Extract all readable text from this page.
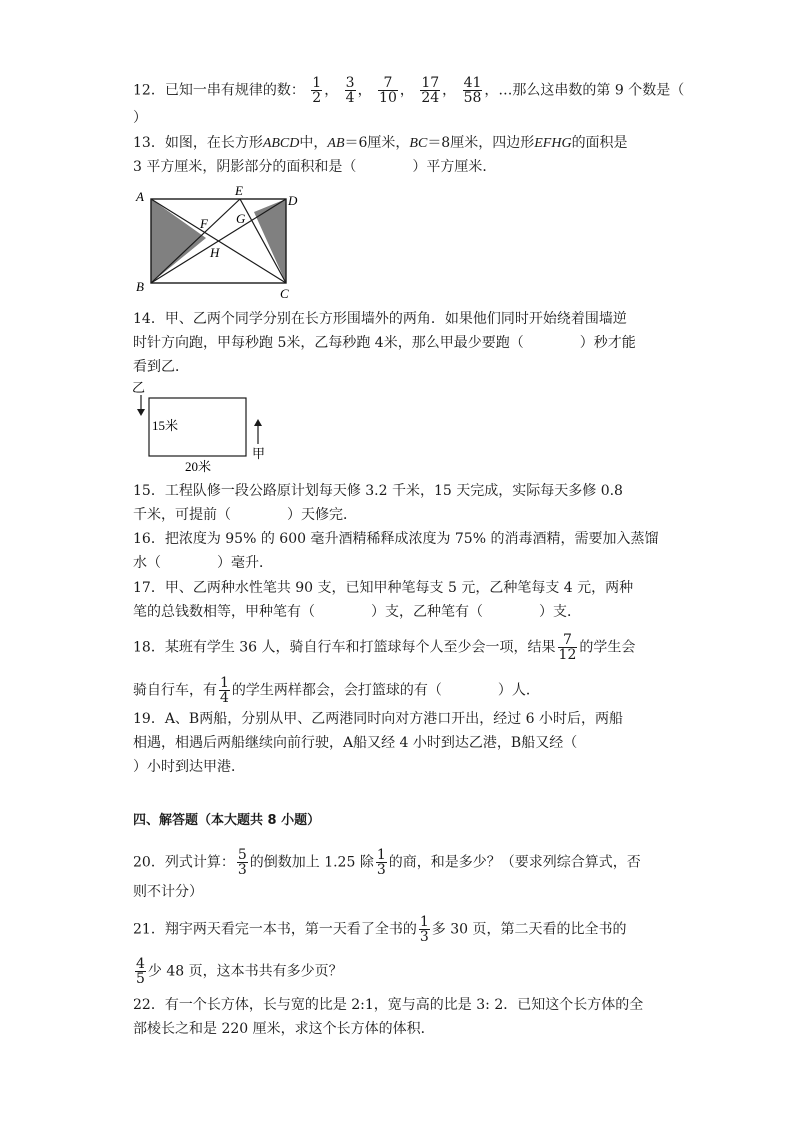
12．已知一串有规律的数： $\frac{1}{2}$ ， $\frac{3}{4}$ ， $\frac{7}{10}$ ， $\frac{17}{24}$ ， $\frac{41}{58}$ ，…那么这串数的第 9 个数是（
）
13．如图，在长方形ABCD中，AB＝6厘米，BC＝8厘米，四边形EFHG的面积是
3 平方厘米，阴影部分的面积和是（　　　　）平方厘米．
A
B	C
D
E
F G
H
14．甲、乙两个同学分别在长方形围墙外的两角．如果他们同时开始绕着围墙逆
时针方向跑，甲每秒跑 5米，乙每秒跑 4米，那么甲最少要跑（　　　　）秒才能
看到乙．
乙
15米
甲
20米
15．工程队修一段公路原计划每天修 3.2 千米，15 天完成，实际每天多修 0.8
千米，可提前（　　　　）天修完．
16．把浓度为 95% 的 600 毫升酒精稀释成浓度为 75% 的消毒酒精，需要加入蒸馏
水（　　　　）毫升．
17．甲、乙两种水性笔共 90 支，已知甲种笔每支 5 元，乙种笔每支 4 元，两种
笔的总钱数相等，甲种笔有（　　　　）支，乙种笔有（　　　　）支．
18．某班有学生 36 人，骑自行车和打篮球每个人至少会一项，结果 $\frac{7}{12}$ 的学生会
骑自行车，有 $\frac{1}{4}$ 的学生两样都会，会打篮球的有（　　　　）人．
19．A、B两船，分别从甲、乙两港同时向对方港口开出，经过 6 小时后，两船
相遇，相遇后两船继续向前行驶，A船又经 4 小时到达乙港，B船又经（
）小时到达甲港．
四、解答题（本大题共 8 小题）
20．列式计算： $\frac{5}{3}$ 的倒数加上 1.25 除 $\frac{1}{3}$ 的商，和是多少？（要求列综合算式，否
则不计分）
21．翔宇两天看完一本书，第一天看了全书的 $\frac{1}{3}$ 多 30 页，第二天看的比全书的
$\frac{4}{5}$ 少 48 页，这本书共有多少页？
22．有一个长方体，长与宽的比是 2:1，宽与高的比是 3: 2．已知这个长方体的全
部棱长之和是 220 厘米，求这个长方体的体积．
